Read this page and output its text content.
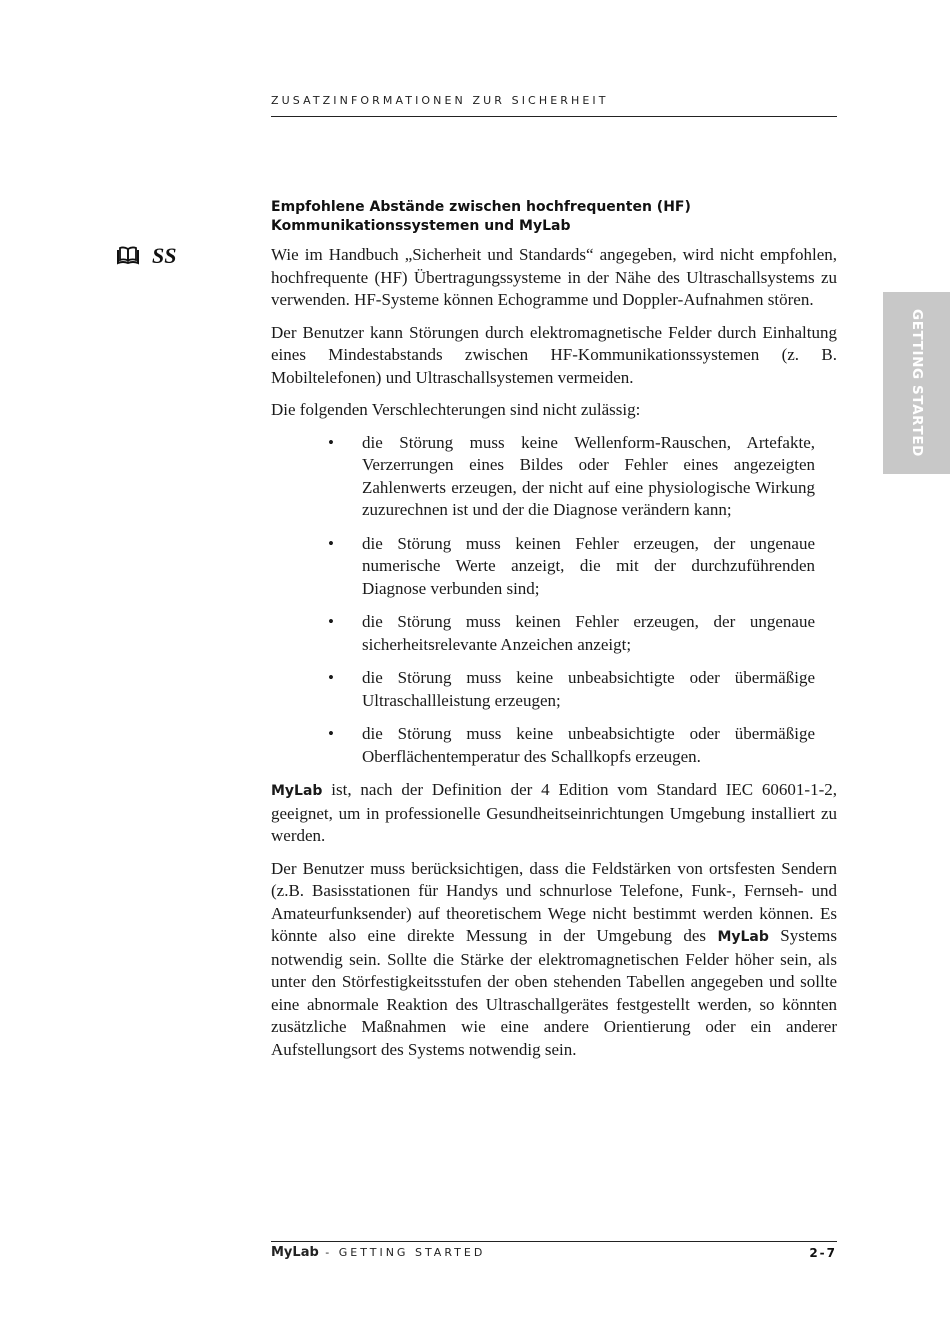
ZUSATZINFORMATIONEN ZUR SICHERHEIT
GETTING STARTED
SS
Empfohlene Abstände zwischen hochfrequenten (HF)
Kommunikationssystemen und MyLab

Wie im Handbuch „Sicherheit und Standards“ angegeben, wird nicht empfohlen, hochfrequente (HF) Übertragungssysteme in der Nähe des Ultraschallsystems zu verwenden. HF-Systeme können Echogramme und Doppler-Aufnahmen stören.

Der Benutzer kann Störungen durch elektromagnetische Felder durch Einhaltung eines Mindestabstands zwischen HF-Kommunikationssystemen (z. B. Mobiltelefonen) und Ultraschallsystemen vermeiden.

Die folgenden Verschlechterungen sind nicht zulässig:

• die Störung muss keine Wellenform-Rauschen, Artefakte, Verzerrungen eines Bildes oder Fehler eines angezeigten Zahlenwerts erzeugen, der nicht auf eine physiologische Wirkung zuzurechnen ist und der die Diagnose verändern kann;
• die Störung muss keinen Fehler erzeugen, der ungenaue numerische Werte anzeigt, die mit der durchzuführenden Diagnose verbunden sind;
• die Störung muss keinen Fehler erzeugen, der ungenaue sicherheitsrelevante Anzeichen anzeigt;
• die Störung muss keine unbeabsichtigte oder übermäßige Ultraschallleistung erzeugen;
• die Störung muss keine unbeabsichtigte oder übermäßige Oberflächentemperatur des Schallkopfs erzeugen.

MyLab ist, nach der Definition der 4 Edition vom Standard IEC 60601-1-2, geeignet, um in professionelle Gesundheitseinrichtungen Umgebung installiert zu werden.

Der Benutzer muss berücksichtigen, dass die Feldstärken von ortsfesten Sendern (z.B. Basisstationen für Handys und schnurlose Telefone, Funk-, Fernseh- und Amateurfunksender) auf theoretischem Wege nicht bestimmt werden können. Es könnte also eine direkte Messung in der Umgebung des MyLab Systems notwendig sein. Sollte die Stärke der elektromagnetischen Felder höher sein, als unter den Störfestigkeitsstufen der oben stehenden Tabellen angegeben und sollte eine abnormale Reaktion des Ultraschallgerätes festgestellt werden, so könnten zusätzliche Maßnahmen wie eine andere Orientierung oder ein anderer Aufstellungsort des Systems notwendig sein.

MyLab - GETTING STARTED	2-7
